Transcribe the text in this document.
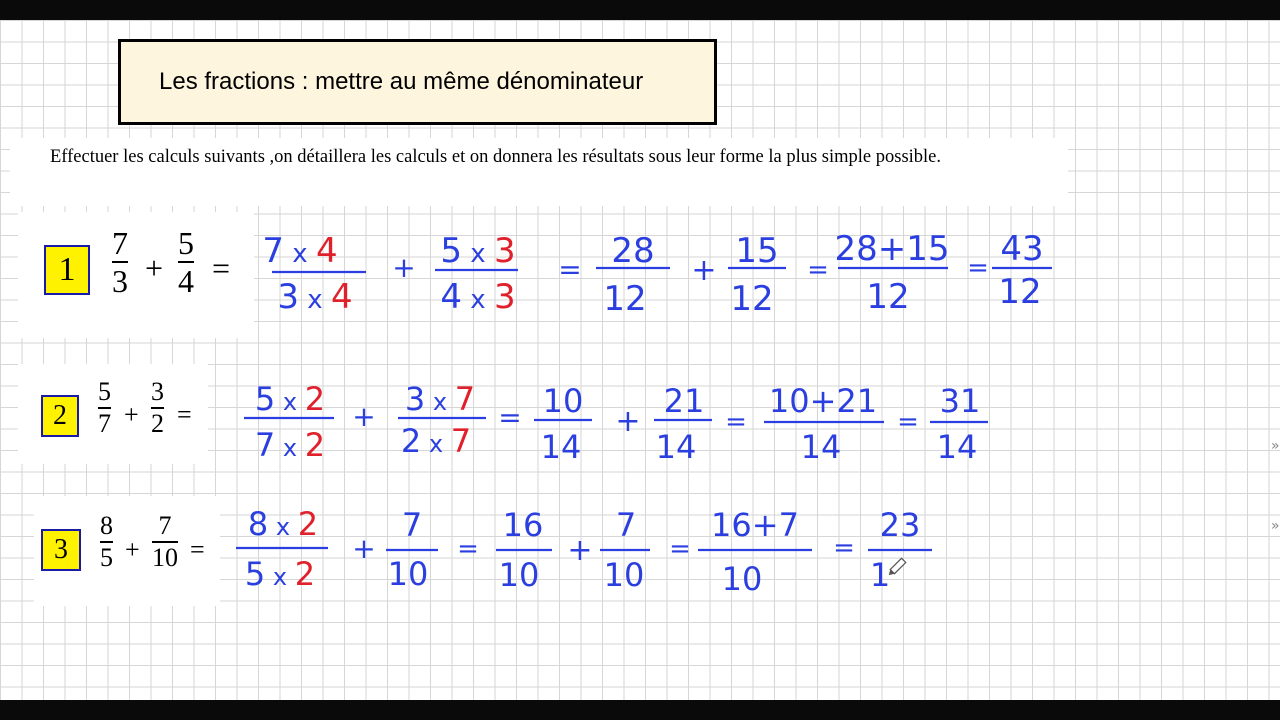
Les fractions : mettre au même dénominateur

Effectuer les calculs suivants ,on détaillera les calculs et on donnera les résultats sous leur forme la plus simple possible.

1
7
3 +
5
4 =
2
5
7 +
3
2 =
3
8
5 +
7
10 =
7 x 4
3 x 4
+ 5 x 3
4 x 3
= 28
12
+ 15
12
=
28+15
12
= 43
12
5 x 2
7 x 2
+ 3 x 7
2 x 7
= 10
14
+
21
14
=
10+21
14
=
31
14
8 x 2
5 x 2
+
7
10
=
16
10
+
7
10
=
16+7
10
=
23
1
»
»
